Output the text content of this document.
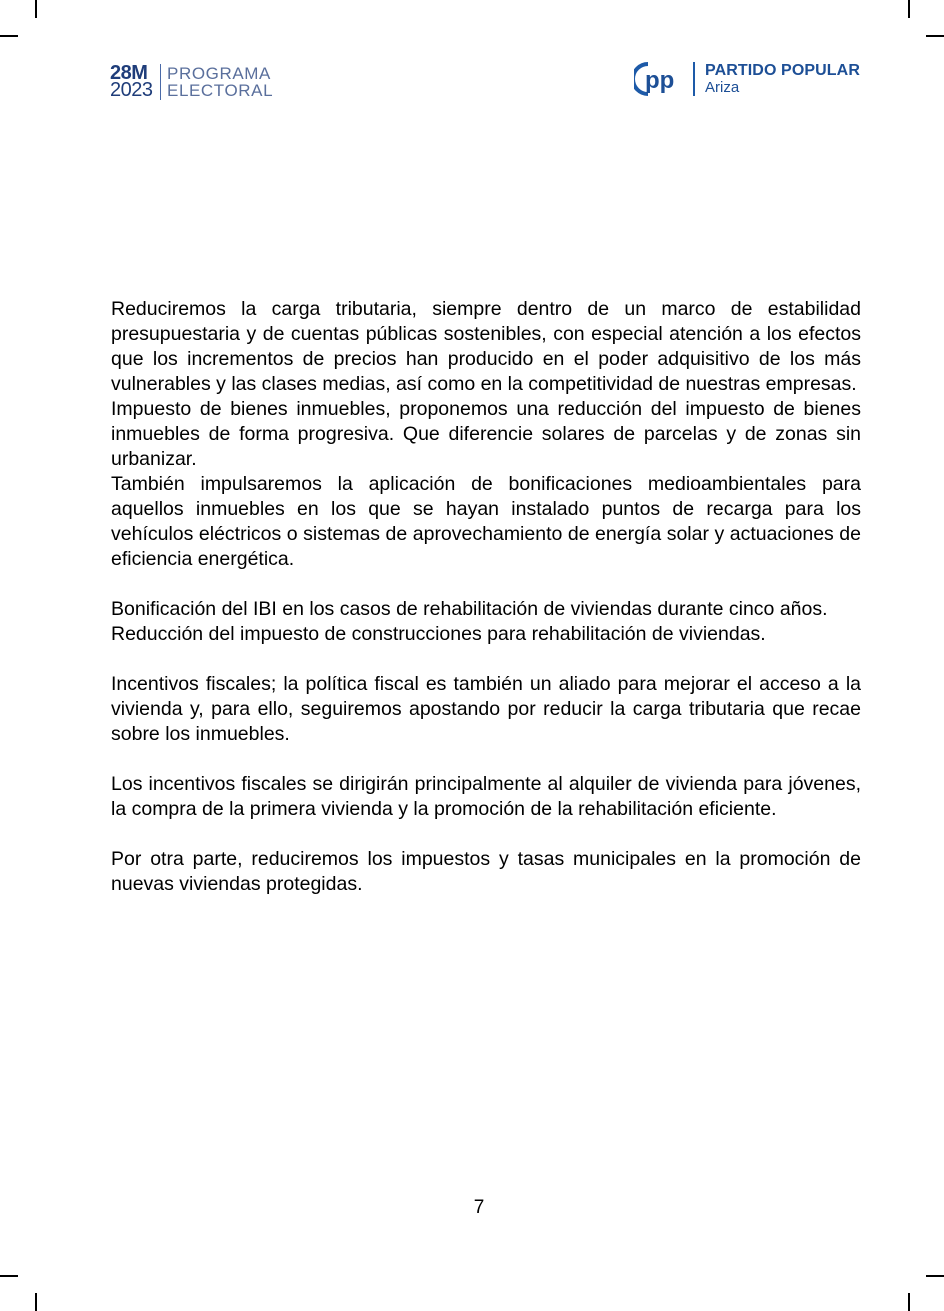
28M
2023
PROGRAMA
ELECTORAL	pp PARTIDO POPULAR
Ariza

Reduciremos la carga tributaria, siempre dentro de un marco de estabilidad presupuestaria y de cuentas públicas sostenibles, con especial atención a los efectos que los incrementos de precios han producido en el poder adquisitivo de los más vulnerables y las clases medias, así como en la competitividad de nuestras empresas.

Impuesto de bienes inmuebles, proponemos una reducción del impuesto de bienes inmuebles de forma progresiva. Que diferencie solares de parcelas y de zonas sin urbanizar.

También impulsaremos la aplicación de bonificaciones medioambientales para aquellos inmuebles en los que se hayan instalado puntos de recarga para los vehículos eléctricos o sistemas de aprovechamiento de energía solar y actuaciones de eficiencia energética.

Bonificación del IBI en los casos de rehabilitación de viviendas durante cinco años.

Reducción del impuesto de construcciones para rehabilitación de viviendas.

Incentivos fiscales; la política fiscal es también un aliado para mejorar el acceso a la vivienda y, para ello, seguiremos apostando por reducir la carga tributaria que recae sobre los inmuebles.

Los incentivos fiscales se dirigirán principalmente al alquiler de vivienda para jóvenes, la compra de la primera vivienda y la promoción de la rehabilitación eficiente.

Por otra parte, reduciremos los impuestos y tasas municipales en la promoción de nuevas viviendas protegidas.

7
